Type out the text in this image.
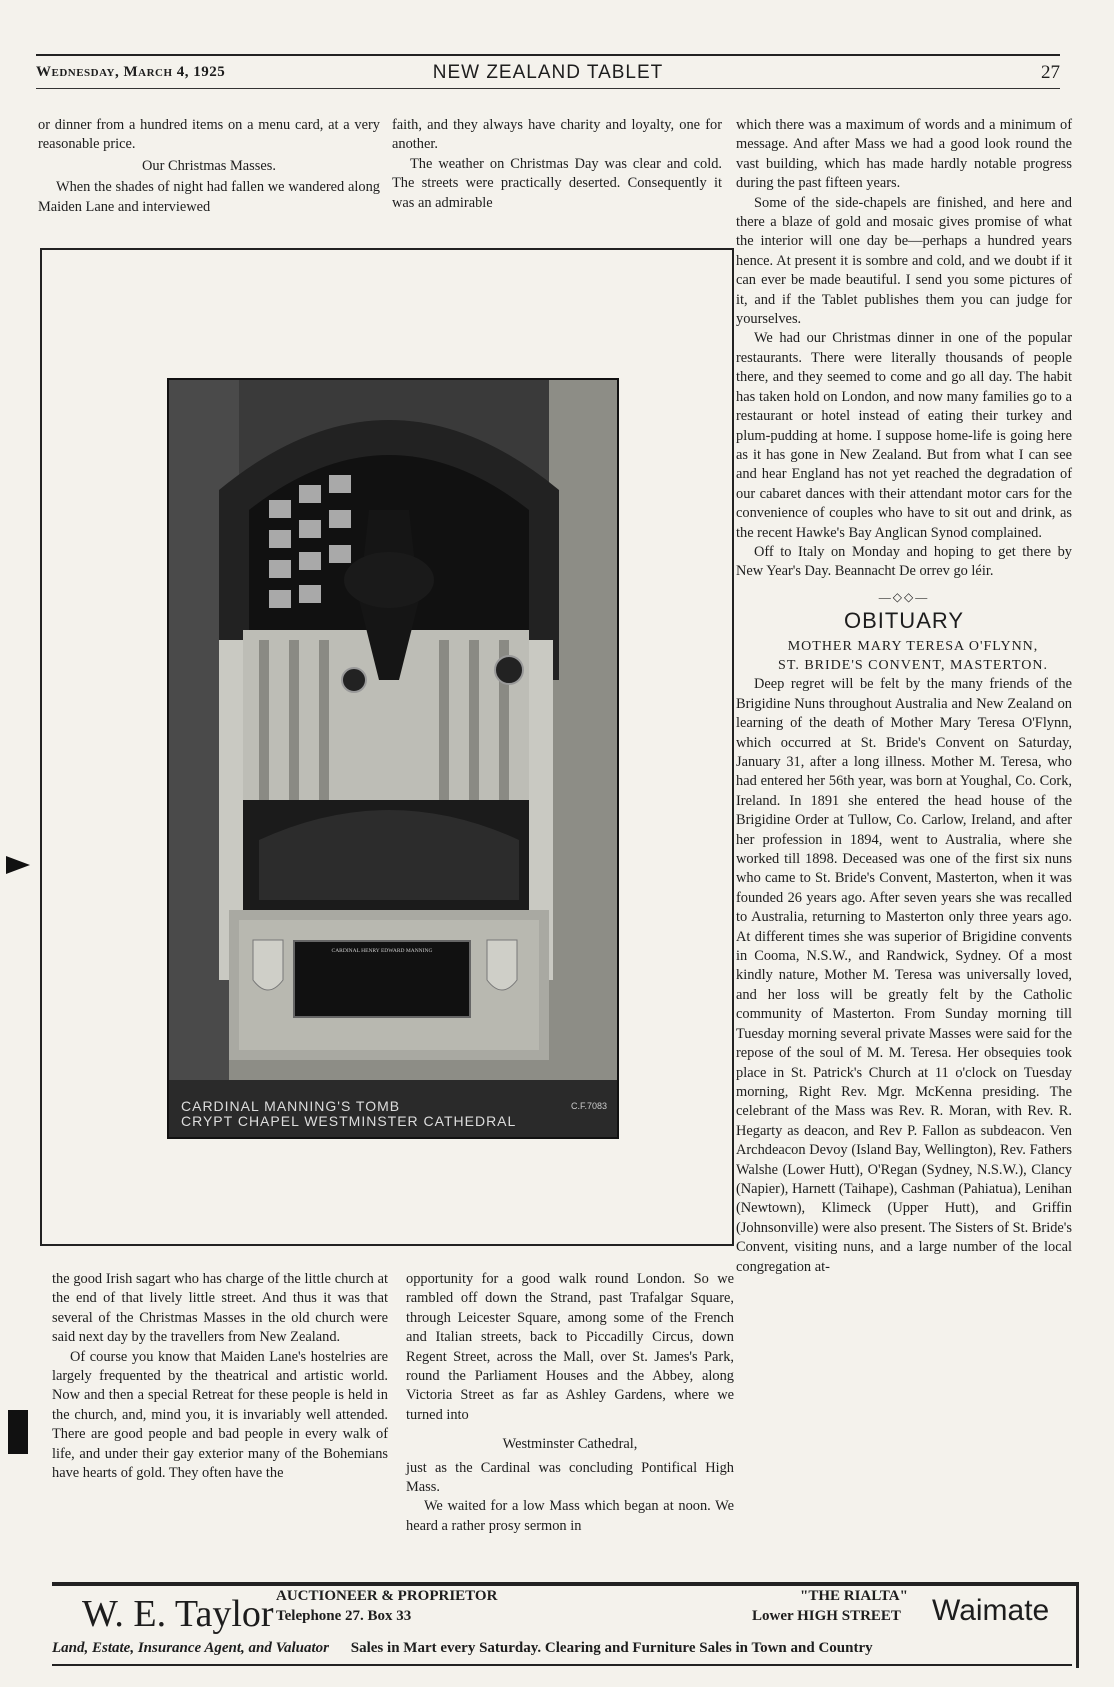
Wednesday, March 4, 1925	NEW ZEALAND TABLET	27

or dinner from a hundred items on a menu card, at a very reasonable price.

Our Christmas Masses.

When the shades of night had fallen we wandered along Maiden Lane and interviewed

faith, and they always have charity and loyalty, one for another.

The weather on Christmas Day was clear and cold. The streets were practically deserted. Consequently it was an admirable

CARDINAL HENRY EDWARD MANNING
C.F.7083
CARDINAL MANNING'S TOMB
CRYPT CHAPEL WESTMINSTER CATHEDRAL

the good Irish sagart who has charge of the little church at the end of that lively little street. And thus it was that several of the Christmas Masses in the old church were said next day by the travellers from New Zealand.

Of course you know that Maiden Lane's hostelries are largely frequented by the theatrical and artistic world. Now and then a special Retreat for these people is held in the church, and, mind you, it is invariably well attended. There are good people and bad people in every walk of life, and under their gay exterior many of the Bohemians have hearts of gold. They often have the

opportunity for a good walk round London. So we rambled off down the Strand, past Trafalgar Square, through Leicester Square, among some of the French and Italian streets, back to Piccadilly Circus, down Regent Street, across the Mall, over St. James's Park, round the Parliament Houses and the Abbey, along Victoria Street as far as Ashley Gardens, where we turned into

Westminster Cathedral,

just as the Cardinal was concluding Pontifical High Mass.

We waited for a low Mass which began at noon. We heard a rather prosy sermon in

which there was a maximum of words and a minimum of message. And after Mass we had a good look round the vast building, which has made hardly notable progress during the past fifteen years.

Some of the side-chapels are finished, and here and there a blaze of gold and mosaic gives promise of what the interior will one day be—perhaps a hundred years hence. At present it is sombre and cold, and we doubt if it can ever be made beautiful. I send you some pictures of it, and if the Tablet publishes them you can judge for yourselves.

We had our Christmas dinner in one of the popular restaurants. There were literally thousands of people there, and they seemed to come and go all day. The habit has taken hold on London, and now many families go to a restaurant or hotel instead of eating their turkey and plum-pudding at home. I suppose home-life is going here as it has gone in New Zealand. But from what I can see and hear England has not yet reached the degradation of our cabaret dances with their attendant motor cars for the convenience of couples who have to sit out and drink, as the recent Hawke's Bay Anglican Synod complained.

Off to Italy on Monday and hoping to get there by New Year's Day. Beannacht De orrev go léir.

—◇◇—
OBITUARY

MOTHER MARY TERESA O'FLYNN,

ST. BRIDE'S CONVENT, MASTERTON.

Deep regret will be felt by the many friends of the Brigidine Nuns throughout Australia and New Zealand on learning of the death of Mother Mary Teresa O'Flynn, which occurred at St. Bride's Convent on Saturday, January 31, after a long illness. Mother M. Teresa, who had entered her 56th year, was born at Youghal, Co. Cork, Ireland. In 1891 she entered the head house of the Brigidine Order at Tullow, Co. Carlow, Ireland, and after her profession in 1894, went to Australia, where she worked till 1898. Deceased was one of the first six nuns who came to St. Bride's Convent, Masterton, when it was founded 26 years ago. After seven years she was recalled to Australia, returning to Masterton only three years ago. At different times she was superior of Brigidine convents in Cooma, N.S.W., and Randwick, Sydney. Of a most kindly nature, Mother M. Teresa was universally loved, and her loss will be greatly felt by the Catholic community of Masterton. From Sunday morning till Tuesday morning several private Masses were said for the repose of the soul of M. M. Teresa. Her obsequies took place in St. Patrick's Church at 11 o'clock on Tuesday morning, Right Rev. Mgr. McKenna presiding. The celebrant of the Mass was Rev. R. Moran, with Rev. R. Hegarty as deacon, and Rev P. Fallon as subdeacon. Ven Archdeacon Devoy (Island Bay, Wellington), Rev. Fathers Walshe (Lower Hutt), O'Regan (Sydney, N.S.W.), Clancy (Napier), Harnett (Taihape), Cashman (Pahiatua), Lenihan (Newtown), Klimeck (Upper Hutt), and Griffin (Johnsonville) were also present. The Sisters of St. Bride's Convent, visiting nuns, and a large number of the local congregation at-

W. E. Taylor AUCTIONEER & PROPRIETOR
Telephone 27. Box 33
"THE RIALTA"
Lower HIGH STREET Waimate
Land, Estate, Insurance Agent, and Valuator Sales in Mart every Saturday. Clearing and Furniture Sales in Town and Country
